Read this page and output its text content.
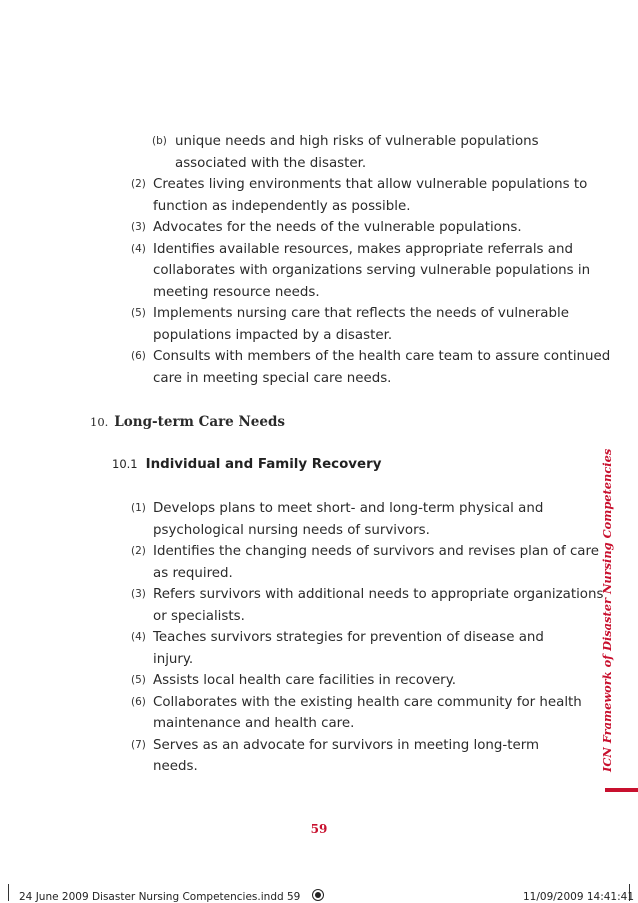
(b) unique needs and high risks of vulnerable populations
associated with the disaster.
(2) Creates living environments that allow vulnerable populations to
function as independently as possible.
(3) Advocates for the needs of the vulnerable populations.
(4) Identifies available resources, makes appropriate referrals and
collaborates with organizations serving vulnerable populations in
meeting resource needs.
(5) Implements nursing care that reflects the needs of vulnerable
populations impacted by a disaster.
(6) Consults with members of the health care team to assure continued
care in meeting special care needs.
10. Long-term Care Needs
10.1 Individual and Family Recovery
(1) Develops plans to meet short- and long-term physical and
psychological nursing needs of survivors.
(2) Identifies the changing needs of survivors and revises plan of care
as required.
(3) Refers survivors with additional needs to appropriate organizations
or specialists.
(4) Teaches survivors strategies for prevention of disease and
injury.
(5) Assists local health care facilities in recovery.
(6) Collaborates with the existing health care community for health
maintenance and health care.
(7) Serves as an advocate for survivors in meeting long-term
needs.	ICN Framework of Disaster Nursing Competencies
59
24 June 2009 Disaster Nursing Competencies.indd 59	11/09/2009 14:41:41
